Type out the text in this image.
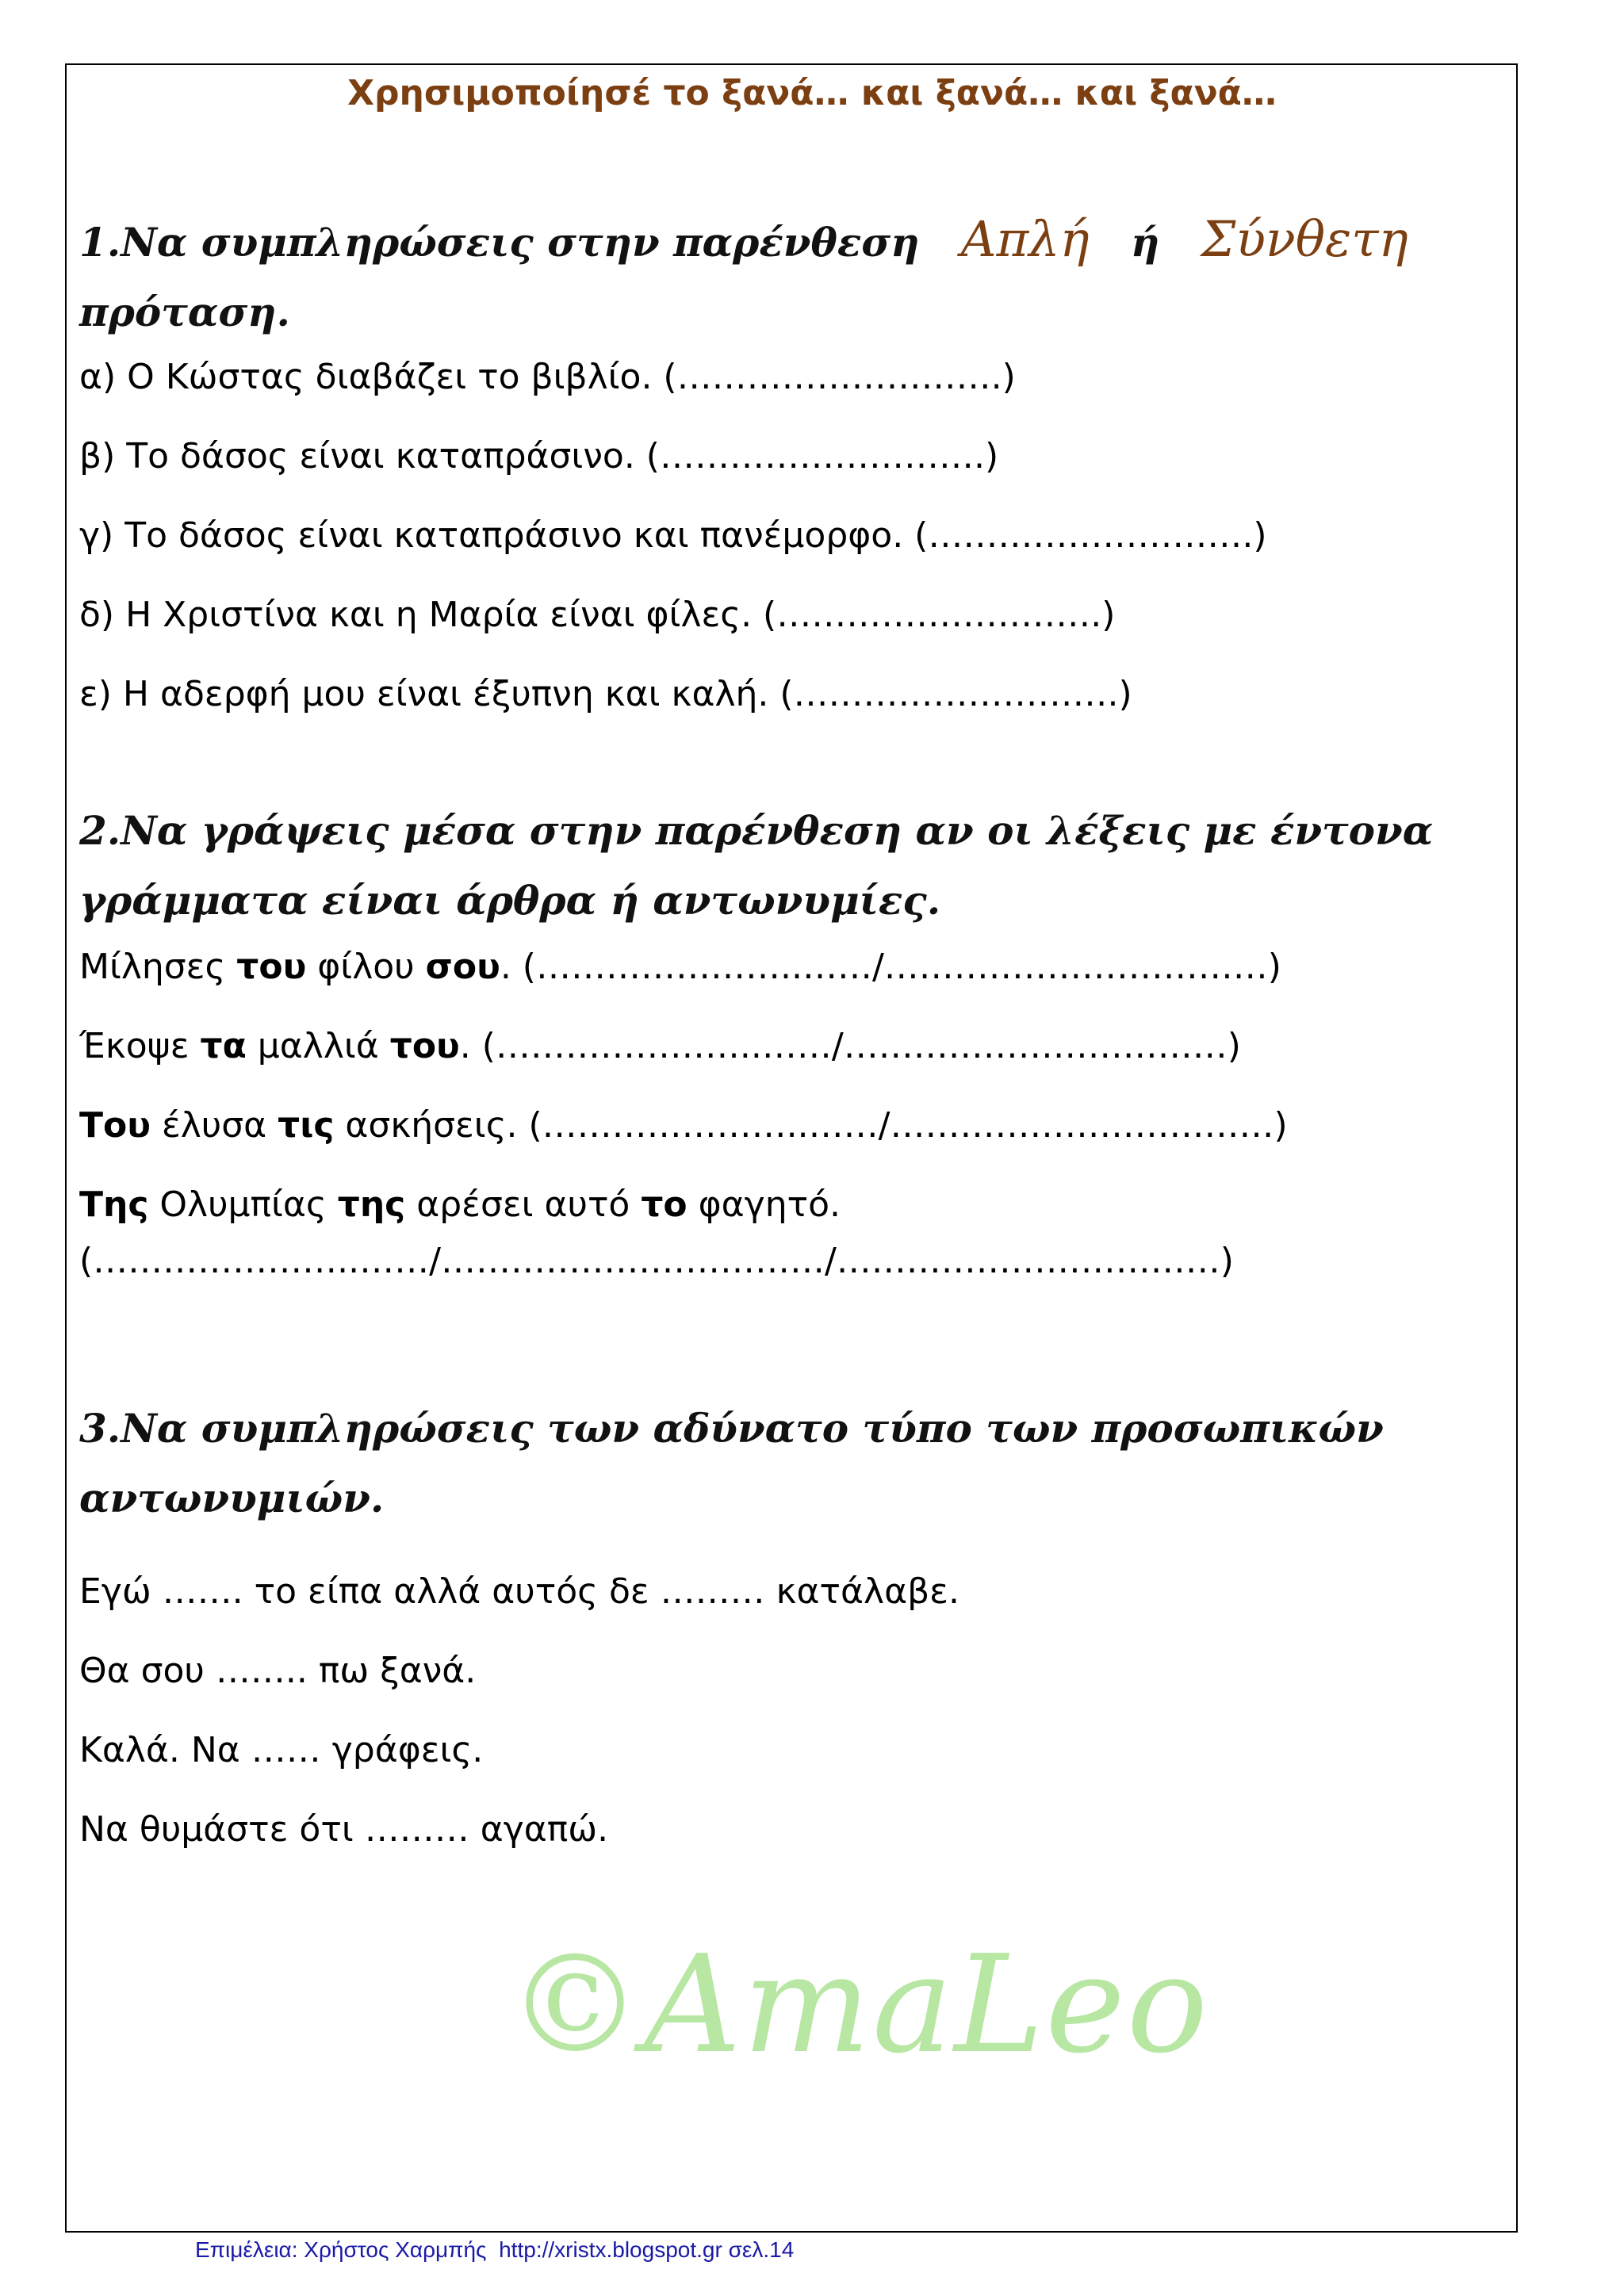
Χρησιμοποίησέ το ξανά… και ξανά… και ξανά…
1.Να συμπληρώσεις στην παρένθεση Απλή ή Σύνθετη
πρόταση.
α) Ο Κώστας διαβάζει το βιβλίο. (……………………….)
β) Το δάσος είναι καταπράσινο. (……………………….)
γ) Το δάσος είναι καταπράσινο και πανέμορφο. (……………………….)
δ) Η Χριστίνα και η Μαρία είναι φίλες. (……………………….)
ε) Η αδερφή μου είναι έξυπνη και καλή. (……………………….)
2.Να γράψεις μέσα στην παρένθεση αν οι λέξεις με έντονα
γράμματα είναι άρθρα ή αντωνυμίες.
Μίλησες του φίλου σου. (…………………..……/……………………………)
Έκοψε τα μαλλιά του. (…………………..……/……………………………)
Του έλυσα τις ασκήσεις. (…………………..……/……………………………)
Της Ολυμπίας της αρέσει αυτό το φαγητό.
(…………………..……/……………………………/……………………………)
3.Να συμπληρώσεις των αδύνατο τύπο των προσωπικών
αντωνυμιών.
Εγώ ……. το είπα αλλά αυτός δε ……… κατάλαβε.
Θα σου …….. πω ξανά.
Καλά. Να …… γράφεις.
Να θυμάστε ότι ……… αγαπώ.
©AmaLeo
Επιμέλεια: Χρήστος Χαρμπής  http://xristx.blogspot.gr σελ.14
